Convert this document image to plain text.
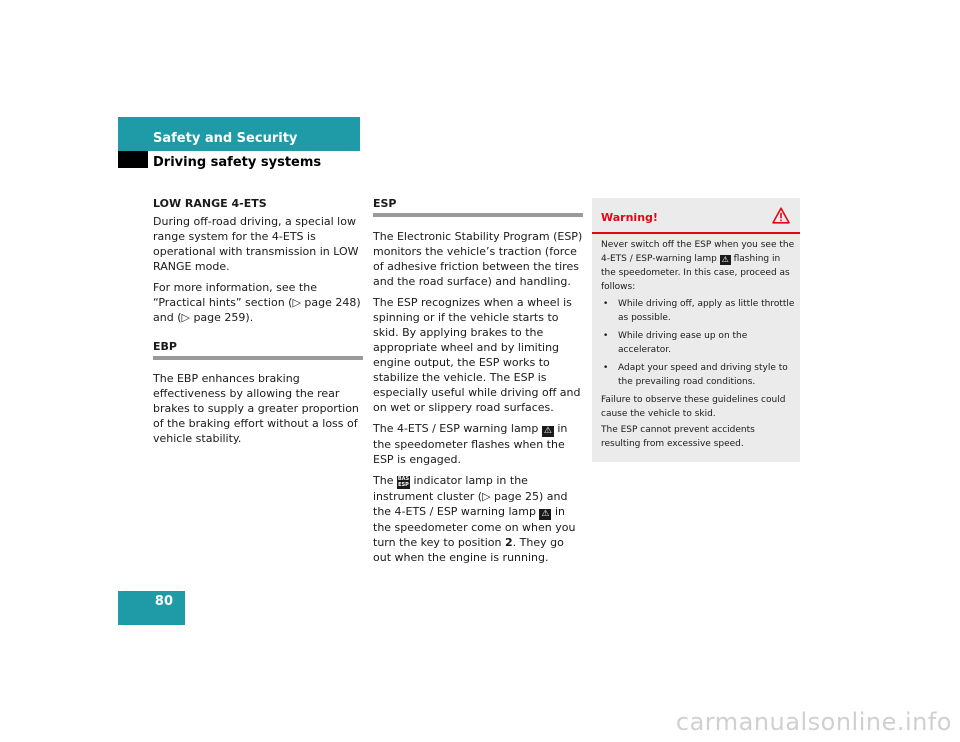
Safety and Security
Driving safety systems
LOW RANGE 4-ETS

During off-road driving, a special low range system for the 4-ETS is operational with transmission in LOW RANGE mode.

For more information, see the “Practical hints” section (▷ page 248) and (▷ page 259).

EBP

The EBP enhances braking effectiveness by allowing the rear brakes to supply a greater proportion of the braking effort without a loss of vehicle stability.

ESP

The Electronic Stability Program (ESP) monitors the vehicle’s traction (force of adhesive friction between the tires and the road surface) and handling.

The ESP recognizes when a wheel is spinning or if the vehicle starts to skid. By applying brakes to the appropriate wheel and by limiting engine output, the ESP works to stabilize the vehicle. The ESP is especially useful while driving off and on wet or slippery road surfaces.

The 4-ETS / ESP warning lamp ⚠ in the speedometer flashes when the ESP is engaged.

The BAS
ESP indicator lamp in the instrument cluster (▷ page 25) and the 4-ETS / ESP warning lamp ⚠ in the speedometer come on when you turn the key to position 2. They go out when the engine is running.

Warning!

Never switch off the ESP when you see the 4-ETS / ESP-warning lamp ⚠ flashing in the speedometer. In this case, proceed as follows:

• While driving off, apply as little throttle as possible.
• While driving ease up on the accelerator.
• Adapt your speed and driving style to the prevailing road conditions.

Failure to observe these guidelines could cause the vehicle to skid.

The ESP cannot prevent accidents resulting from excessive speed.

80
carmanualsonline.info
